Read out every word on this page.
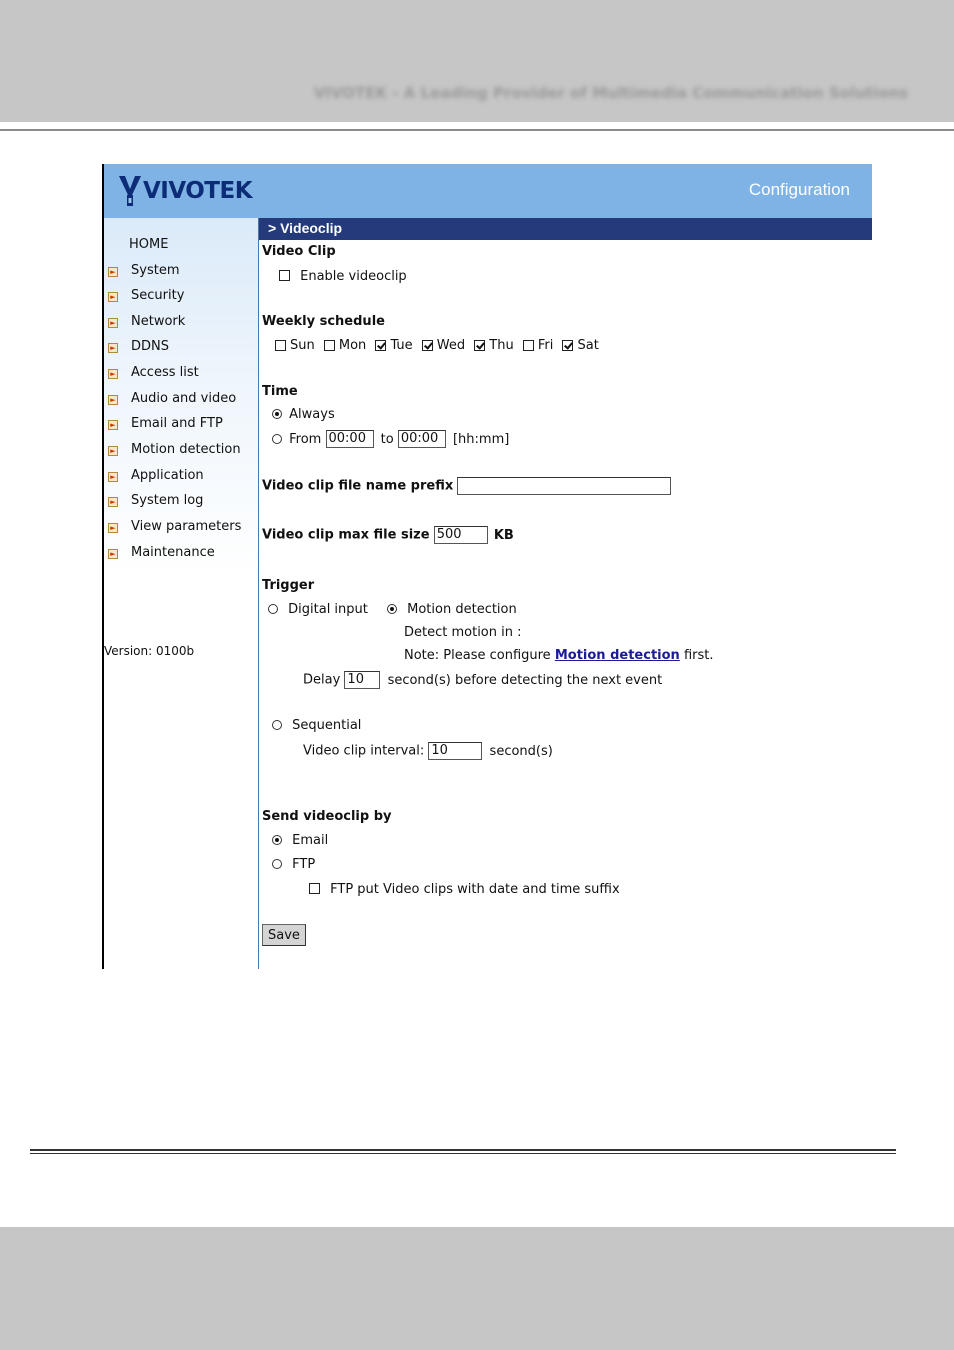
VIVOTEK - A Leading Provider of Multimedia Communication Solutions
VIVOTEK	Configuration
HOME
► System
► Security
► Network
► DDNS
► Access list
► Audio and video
► Email and FTP
► Motion detection
► Application
► System log
► View parameters
► Maintenance
Version: 0100b
> Videoclip
Video Clip
Enable videoclip
Weekly schedule
Sun
Mon
Tue
Wed
Thu
Fri
Sat
Time
Always
From 00:00 to 00:00 [hh:mm]
Video clip file name prefix
Video clip max file size 500 KB
Trigger
Digital input	Motion detection
Detect motion in :
Note: Please configure Motion detection first.
Delay 10 second(s) before detecting the next event
Sequential
Video clip interval: 10	second(s)
Send videoclip by
Email
FTP
FTP put Video clips with date and time suffix
Save
